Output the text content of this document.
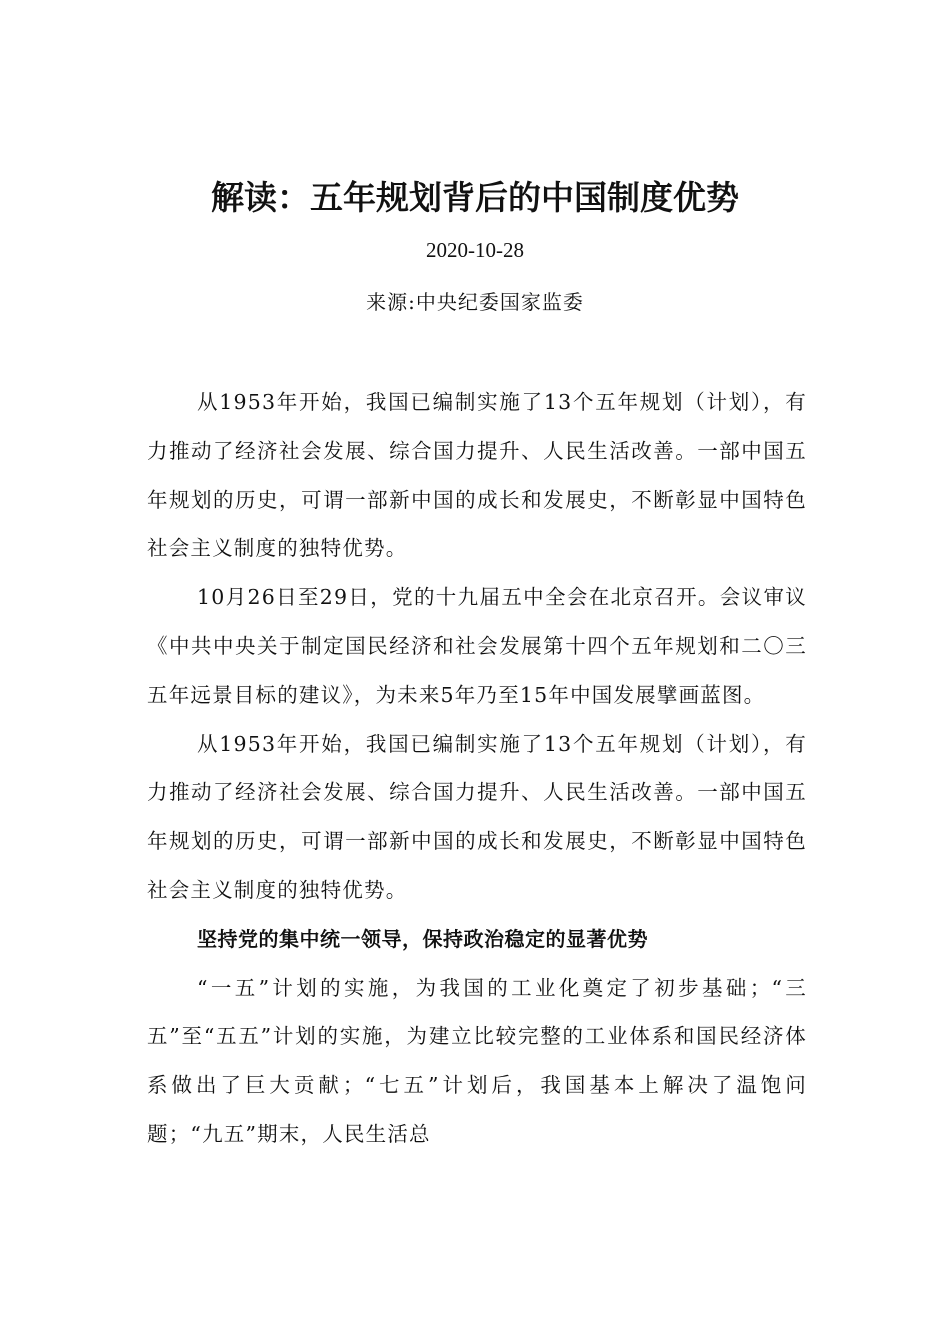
解读：五年规划背后的中国制度优势
2020-10-28
来源:中央纪委国家监委

从1953年开始，我国已编制实施了13个五年规划（计划），有力推动了经济社会发展、综合国力提升、人民生活改善。一部中国五年规划的历史，可谓一部新中国的成长和发展史，不断彰显中国特色社会主义制度的独特优势。

10月26日至29日，党的十九届五中全会在北京召开。会议审议《中共中央关于制定国民经济和社会发展第十四个五年规划和二〇三五年远景目标的建议》，为未来5年乃至15年中国发展擘画蓝图。

从1953年开始，我国已编制实施了13个五年规划（计划），有力推动了经济社会发展、综合国力提升、人民生活改善。一部中国五年规划的历史，可谓一部新中国的成长和发展史，不断彰显中国特色社会主义制度的独特优势。

坚持党的集中统一领导，保持政治稳定的显著优势

“一五”计划的实施，为我国的工业化奠定了初步基础；“三五”至“五五”计划的实施，为建立比较完整的工业体系和国民经济体系做出了巨大贡献；“七五”计划后，我国基本上解决了温饱问题；“九五”期末，人民生活总
